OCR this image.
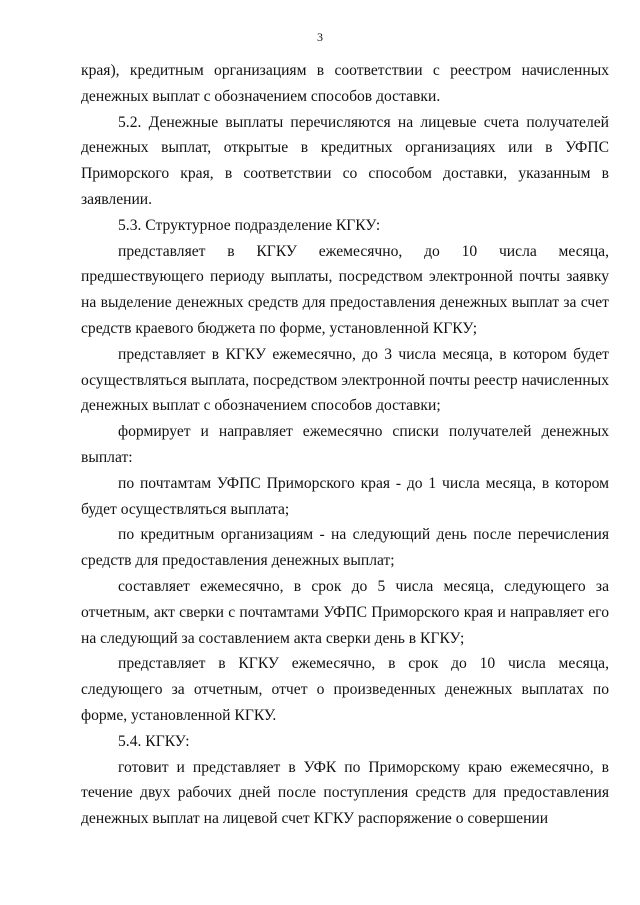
3

края), кредитным организациям в соответствии с реестром начисленных денежных выплат с обозначением способов доставки.

5.2. Денежные выплаты перечисляются на лицевые счета получателей денежных выплат, открытые в кредитных организациях или в УФПС Приморского края, в соответствии со способом доставки, указанным в заявлении.

5.3. Структурное подразделение КГКУ:

представляет в КГКУ ежемесячно, до 10 числа месяца, предшествующего периоду выплаты, посредством электронной почты заявку на выделение денежных средств для предоставления денежных выплат за счет средств краевого бюджета по форме, установленной КГКУ;

представляет в КГКУ ежемесячно, до 3 числа месяца, в котором будет осуществляться выплата, посредством электронной почты реестр начисленных денежных выплат с обозначением способов доставки;

формирует и направляет ежемесячно списки получателей денежных выплат:

по почтамтам УФПС Приморского края - до 1 числа месяца, в котором будет осуществляться выплата;

по кредитным организациям - на следующий день после перечисления средств для предоставления денежных выплат;

составляет ежемесячно, в срок до 5 числа месяца, следующего за отчетным, акт сверки с почтамтами УФПС Приморского края и направляет его на следующий за составлением акта сверки день в КГКУ;

представляет в КГКУ ежемесячно, в срок до 10 числа месяца, следующего за отчетным, отчет о произведенных денежных выплатах по форме, установленной КГКУ.

5.4. КГКУ:

готовит и представляет в УФК по Приморскому краю ежемесячно, в течение двух рабочих дней после поступления средств для предоставления денежных выплат на лицевой счет КГКУ распоряжение о совершении
